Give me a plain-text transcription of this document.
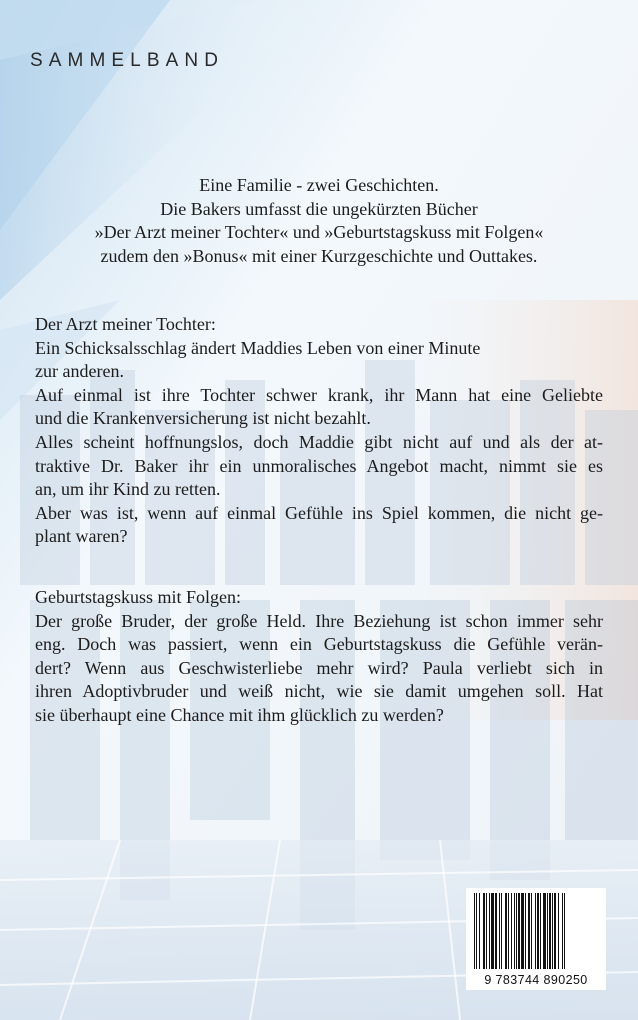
SAMMELBAND
Eine Familie - zwei Geschichten.
Die Bakers umfasst die ungekürzten Bücher
»Der Arzt meiner Tochter« und »Geburtstagskuss mit Folgen«
zudem den »Bonus« mit einer Kurzgeschichte und Outtakes.
Der Arzt meiner Tochter:
Ein Schicksalsschlag ändert Maddies Leben von einer Minute
zur anderen.
Auf einmal ist ihre Tochter schwer krank, ihr Mann hat eine Geliebte
und die Krankenversicherung ist nicht bezahlt.
Alles scheint hoffnungslos, doch Maddie gibt nicht auf und als der at-
traktive Dr. Baker ihr ein unmoralisches Angebot macht, nimmt sie es
an, um ihr Kind zu retten.
Aber was ist, wenn auf einmal Gefühle ins Spiel kommen, die nicht ge-
plant waren?
Geburtstagskuss mit Folgen:
Der große Bruder, der große Held. Ihre Beziehung ist schon immer sehr
eng. Doch was passiert, wenn ein Geburtstagskuss die Gefühle verän-
dert? Wenn aus Geschwisterliebe mehr wird? Paula verliebt sich in
ihren Adoptivbruder und weiß nicht, wie sie damit umgehen soll. Hat
sie überhaupt eine Chance mit ihm glücklich zu werden?
9 783744 890250
